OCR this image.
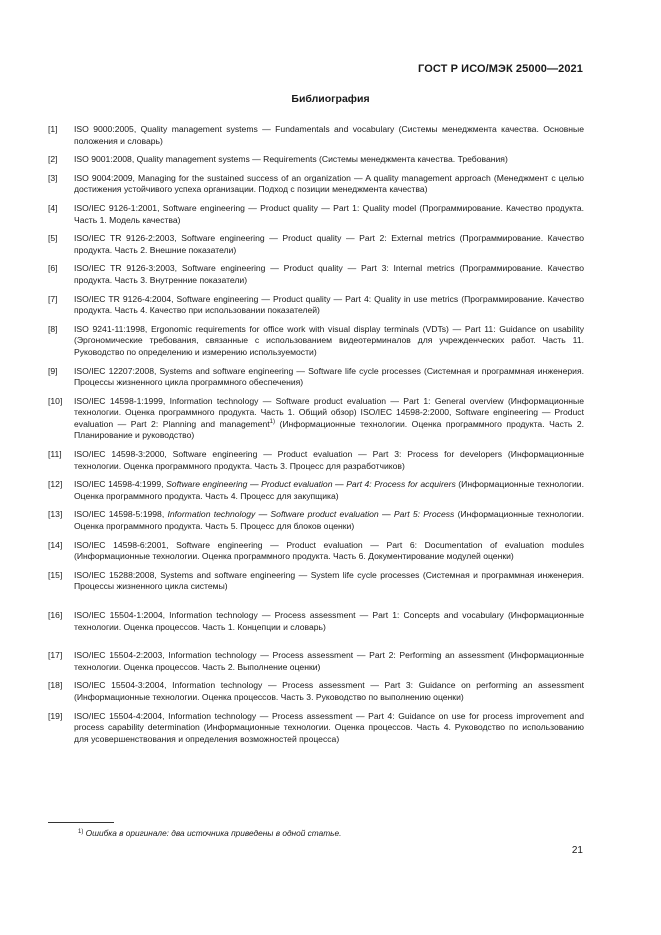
ГОСТ Р ИСО/МЭК 25000—2021
Библиография
[1]	ISO 9000:2005, Quality management systems — Fundamentals and vocabulary (Системы менеджмента качества. Основные положения и словарь)
[2]	ISO 9001:2008, Quality management systems — Requirements (Системы менеджмента качества. Требования)
[3]	ISO 9004:2009, Managing for the sustained success of an organization — A quality management approach (Менеджмент с целью достижения устойчивого успеха организации. Подход с позиции менеджмента качества)
[4]	ISO/IEC 9126-1:2001, Software engineering — Product quality — Part 1: Quality model (Программирование. Качество продукта. Часть 1. Модель качества)
[5]	ISO/IEC TR 9126-2:2003, Software engineering — Product quality — Part 2: External metrics (Программирование. Качество продукта. Часть 2. Внешние показатели)
[6]	ISO/IEC TR 9126-3:2003, Software engineering — Product quality — Part 3: Internal metrics (Программирование. Качество продукта. Часть 3. Внутренние показатели)
[7]	ISO/IEC TR 9126-4:2004, Software engineering — Product quality — Part 4: Quality in use metrics (Программирование. Качество продукта. Часть 4. Качество при использовании показателей)
[8]	ISO 9241-11:1998, Ergonomic requirements for office work with visual display terminals (VDTs) — Part 11: Guidance on usability (Эргономические требования, связанные с использованием видеотерминалов для учрежденческих работ. Часть 11. Руководство по определению и измерению используемости)
[9]	ISO/IEC 12207:2008, Systems and software engineering — Software life cycle processes (Системная и программная инженерия. Процессы жизненного цикла программного обеспечения)
[10]	ISO/IEC 14598-1:1999, Information technology — Software product evaluation — Part 1: General overview (Информационные технологии. Оценка программного продукта. Часть 1. Общий обзор) ISO/IEC 14598-2:2000, Software engineering — Product evaluation — Part 2: Planning and management$^{1)}$ (Информационные технологии. Оценка программного продукта. Часть 2. Планирование и руководство)
[11]	ISO/IEC 14598-3:2000, Software engineering — Product evaluation — Part 3: Process for developers (Информационные технологии. Оценка программного продукта. Часть 3. Процесс для разработчиков)
[12]	ISO/IEC 14598-4:1999, Software engineering — Product evaluation — Part 4: Process for acquirers (Информационные технологии. Оценка программного продукта. Часть 4. Процесс для закупщика)
[13]	ISO/IEC 14598-5:1998, Information technology — Software product evaluation — Part 5: Process (Информационные технологии. Оценка программного продукта. Часть 5. Процесс для блоков оценки)
[14]	ISO/IEC 14598-6:2001, Software engineering — Product evaluation — Part 6: Documentation of evaluation modules (Информационные технологии. Оценка программного продукта. Часть 6. Документирование модулей оценки)
[15]	ISO/IEC 15288:2008, Systems and software engineering — System life cycle processes (Системная и программная инженерия. Процессы жизненного цикла системы)
[16]	ISO/IEC 15504-1:2004, Information technology — Process assessment — Part 1: Concepts and vocabulary (Информационные технологии. Оценка процессов. Часть 1. Концепции и словарь)
[17]	ISO/IEC 15504-2:2003, Information technology — Process assessment — Part 2: Performing an assessment (Информационные технологии. Оценка процессов. Часть 2. Выполнение оценки)
[18]	ISO/IEC 15504-3:2004, Information technology — Process assessment — Part 3: Guidance on performing an assessment (Информационные технологии. Оценка процессов. Часть 3. Руководство по выполнению оценки)
[19]	ISO/IEC 15504-4:2004, Information technology — Process assessment — Part 4: Guidance on use for process improvement and process capability determination (Информационные технологии. Оценка процессов. Часть 4. Руководство по использованию для усовершенствования и определения возможностей процесса)
$^{1)}$ Ошибка в оригинале: два источника приведены в одной статье.
21
